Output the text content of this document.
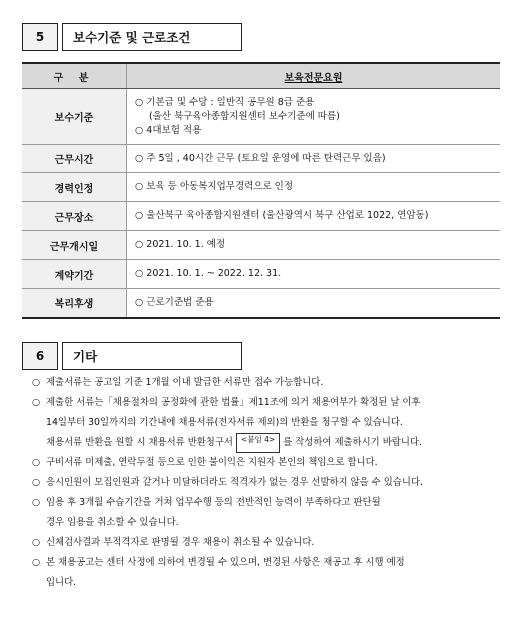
5	보수기준 및 근로조건
구 분	보육전문요원
보수기준	○ 기본급 및 수당 : 일반직 공무원 8급 준용
(울산 북구육아종합지원센터 보수기준에 따름)
○ 4대보험 적용

근무시간	○ 주 5일 , 40시간 근무 (토요일 운영에 따른 탄력근무 있음)
경력인정	○ 보육 등 아동복지업무경력으로 인정
근무장소	○ 울산북구 육아종합지원센터 (울산광역시 북구 산업로 1022, 연암동)
근무개시일	○ 2021. 10. 1. 예정
계약기간	○ 2021. 10. 1. ~ 2022. 12. 31.
복리후생	○ 근로기준법 준용
6	기타
○ 제출서류는 공고일 기준 1개월 이내 발급한 서류만 접수 가능합니다.
○ 제출한 서류는「채용절차의 공정화에 관한 법률」제11조에 의거 채용여부가 확정된 날 이후
14일부터 30일까지의 기간내에 채용서류(전자서류 제외)의 반환을 청구할 수 있습니다.
채용서류 반환을 원할 시 채용서류 반환청구서	<붙임 4> 를 작성하여 제출하시기 바랍니다.
○ 구비서류 미제출, 연락두절 등으로 인한 불이익은 지원자 본인의 책임으로 합니다.
○ 응시인원이 모집인원과 같거나 미달하더라도 적격자가 없는 경우 선발하지 않을 수 있습니다.
○ 임용 후 3개월 수습기간을 거쳐 업무수행 등의 전반적인 능력이 부족하다고 판단될
경우 임용을 취소할 수 있습니다.
○ 신체검사결과 부적격자로 판명될 경우 채용이 취소될 수 있습니다.
○ 본 채용공고는 센터 사정에 의하여 변경될 수 있으며, 변경된 사항은 재공고 후 시행 예정
입니다.
